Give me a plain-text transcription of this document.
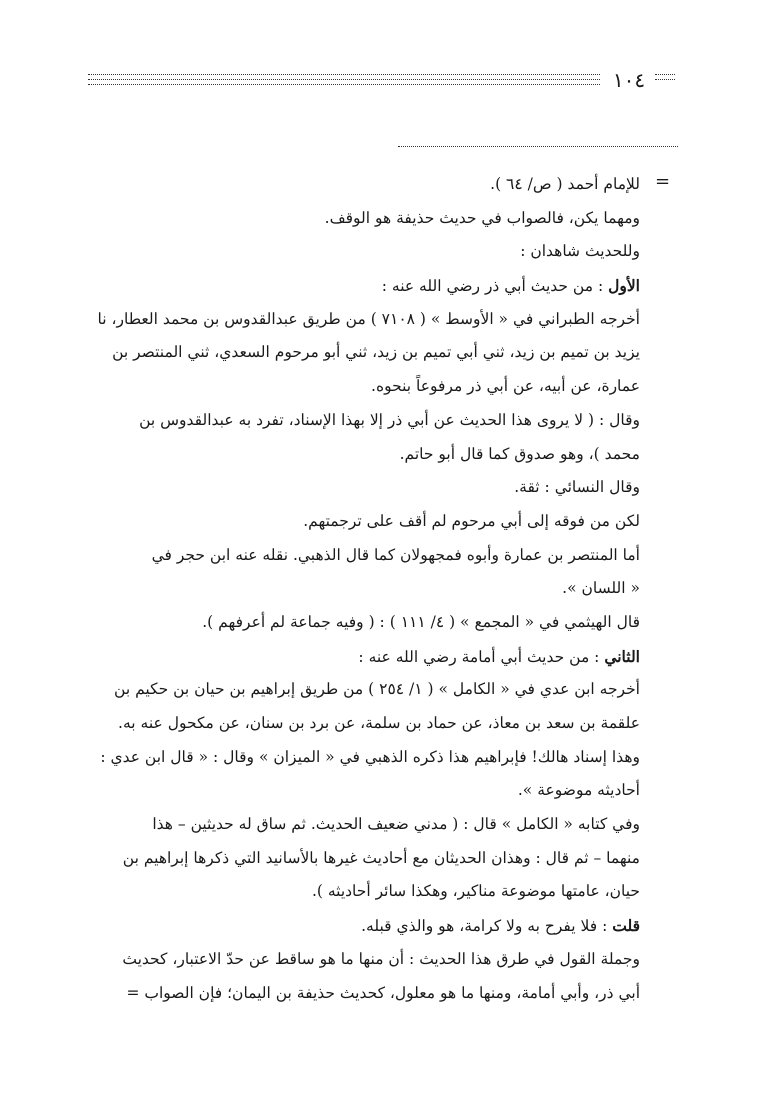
١٠٤
=
للإمام أحمد ( ص/ ٦٤ ).
ومهما يكن، فالصواب في حديث حذيفة هو الوقف.
وللحديث شاهدان :
الأول : من حديث أبي ذر رضي الله عنه :
أخرجه الطبراني في « الأوسط » ( ٧١٠٨ ) من طريق عبدالقدوس بن محمد العطار، نا
يزيد بن تميم بن زيد، ثني أبي تميم بن زيد، ثني أبو مرحوم السعدي، ثني المنتصر بن
عمارة، عن أبيه، عن أبي ذر مرفوعاً بنحوه.
وقال : ( لا يروى هذا الحديث عن أبي ذر إلا بهذا الإسناد، تفرد به عبدالقدوس بن
محمد )، وهو صدوق كما قال أبو حاتم.
وقال النسائي : ثقة.
لكن من فوقه إلى أبي مرحوم لم أقف على ترجمتهم.
أما المنتصر بن عمارة وأبوه فمجهولان كما قال الذهبي. نقله عنه ابن حجر في
« اللسان ».
قال الهيثمي في « المجمع » ( ٤/ ١١١ ) : ( وفيه جماعة لم أعرفهم ).
الثاني : من حديث أبي أمامة رضي الله عنه :
أخرجه ابن عدي في « الكامل » ( ١/ ٢٥٤ ) من طريق إبراهيم بن حيان بن حكيم بن
علقمة بن سعد بن معاذ، عن حماد بن سلمة، عن برد بن سنان، عن مكحول عنه به.
وهذا إسناد هالك! فإبراهيم هذا ذكره الذهبي في « الميزان » وقال : « قال ابن عدي :
أحاديثه موضوعة ».
وفي كتابه « الكامل » قال : ( مدني ضعيف الحديث. ثم ساق له حديثين – هذا
منهما – ثم قال : وهذان الحديثان مع أحاديث غيرها بالأسانيد التي ذكرها إبراهيم بن
حيان، عامتها موضوعة مناكير، وهكذا سائر أحاديثه ).
قلت : فلا يفرح به ولا كرامة، هو والذي قبله.
وجملة القول في طرق هذا الحديث : أن منها ما هو ساقط عن حدّ الاعتبار، كحديث
أبي ذر، وأبي أمامة، ومنها ما هو معلول، كحديث حذيفة بن اليمان؛ فإن الصواب =
